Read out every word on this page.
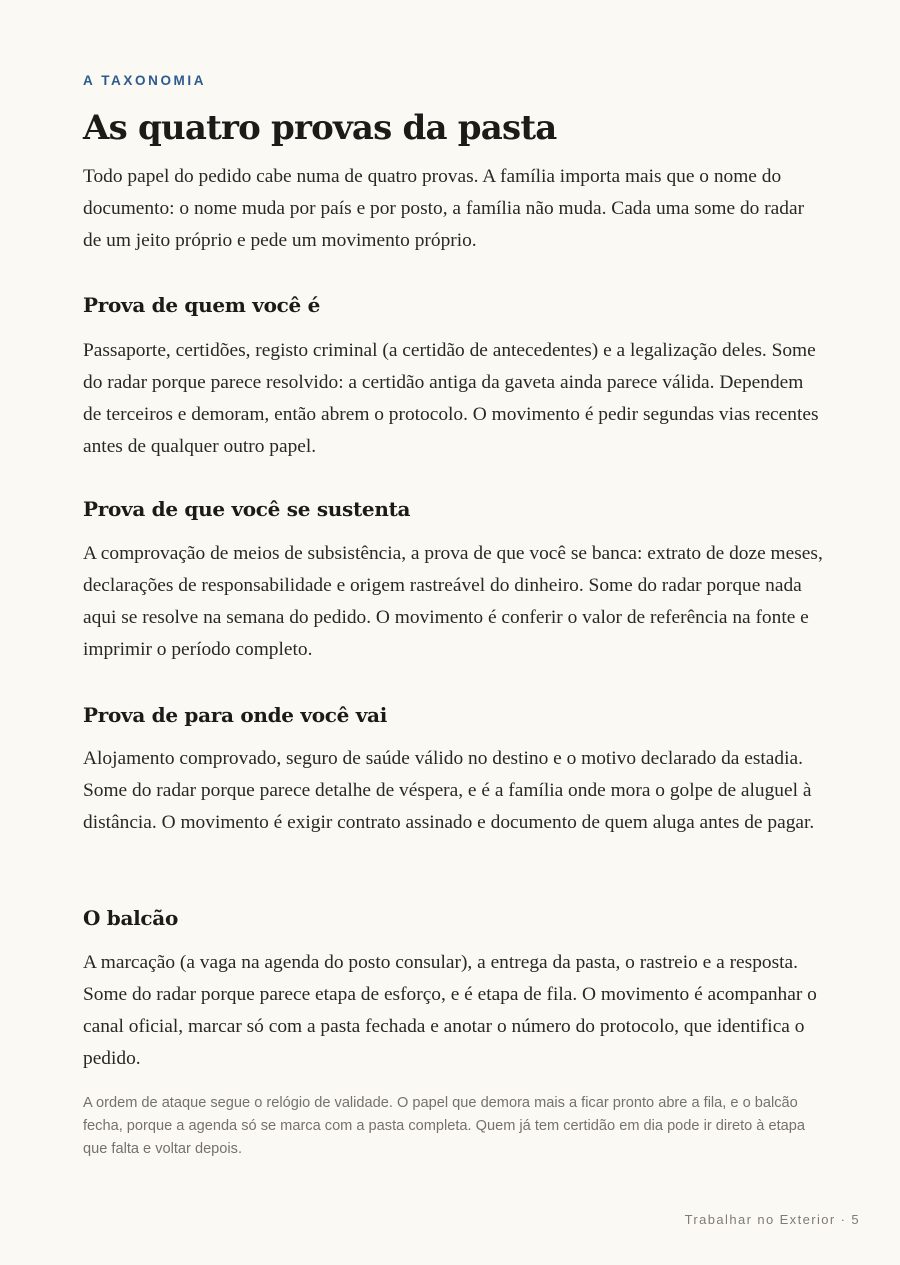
A TAXONOMIA
As quatro provas da pasta

Todo papel do pedido cabe numa de quatro provas. A família importa mais que o nome do documento: o nome muda por país e por posto, a família não muda. Cada uma some do radar de um jeito próprio e pede um movimento próprio.

Prova de quem você é

Passaporte, certidões, registo criminal (a certidão de antecedentes) e a legalização deles. Some do radar porque parece resolvido: a certidão antiga da gaveta ainda parece válida. Dependem de terceiros e demoram, então abrem o protocolo. O movimento é pedir segundas vias recentes antes de qualquer outro papel.

Prova de que você se sustenta

A comprovação de meios de subsistência, a prova de que você se banca: extrato de doze meses, declarações de responsabilidade e origem rastreável do dinheiro. Some do radar porque nada aqui se resolve na semana do pedido. O movimento é conferir o valor de referência na fonte e imprimir o período completo.

Prova de para onde você vai

Alojamento comprovado, seguro de saúde válido no destino e o motivo declarado da estadia. Some do radar porque parece detalhe de véspera, e é a família onde mora o golpe de aluguel à distância. O movimento é exigir contrato assinado e documento de quem aluga antes de pagar.

O balcão

A marcação (a vaga na agenda do posto consular), a entrega da pasta, o rastreio e a resposta. Some do radar porque parece etapa de esforço, e é etapa de fila. O movimento é acompanhar o canal oficial, marcar só com a pasta fechada e anotar o número do protocolo, que identifica o pedido.

A ordem de ataque segue o relógio de validade. O papel que demora mais a ficar pronto abre a fila, e o balcão fecha, porque a agenda só se marca com a pasta completa. Quem já tem certidão em dia pode ir direto à etapa que falta e voltar depois.

Trabalhar no Exterior · 5
